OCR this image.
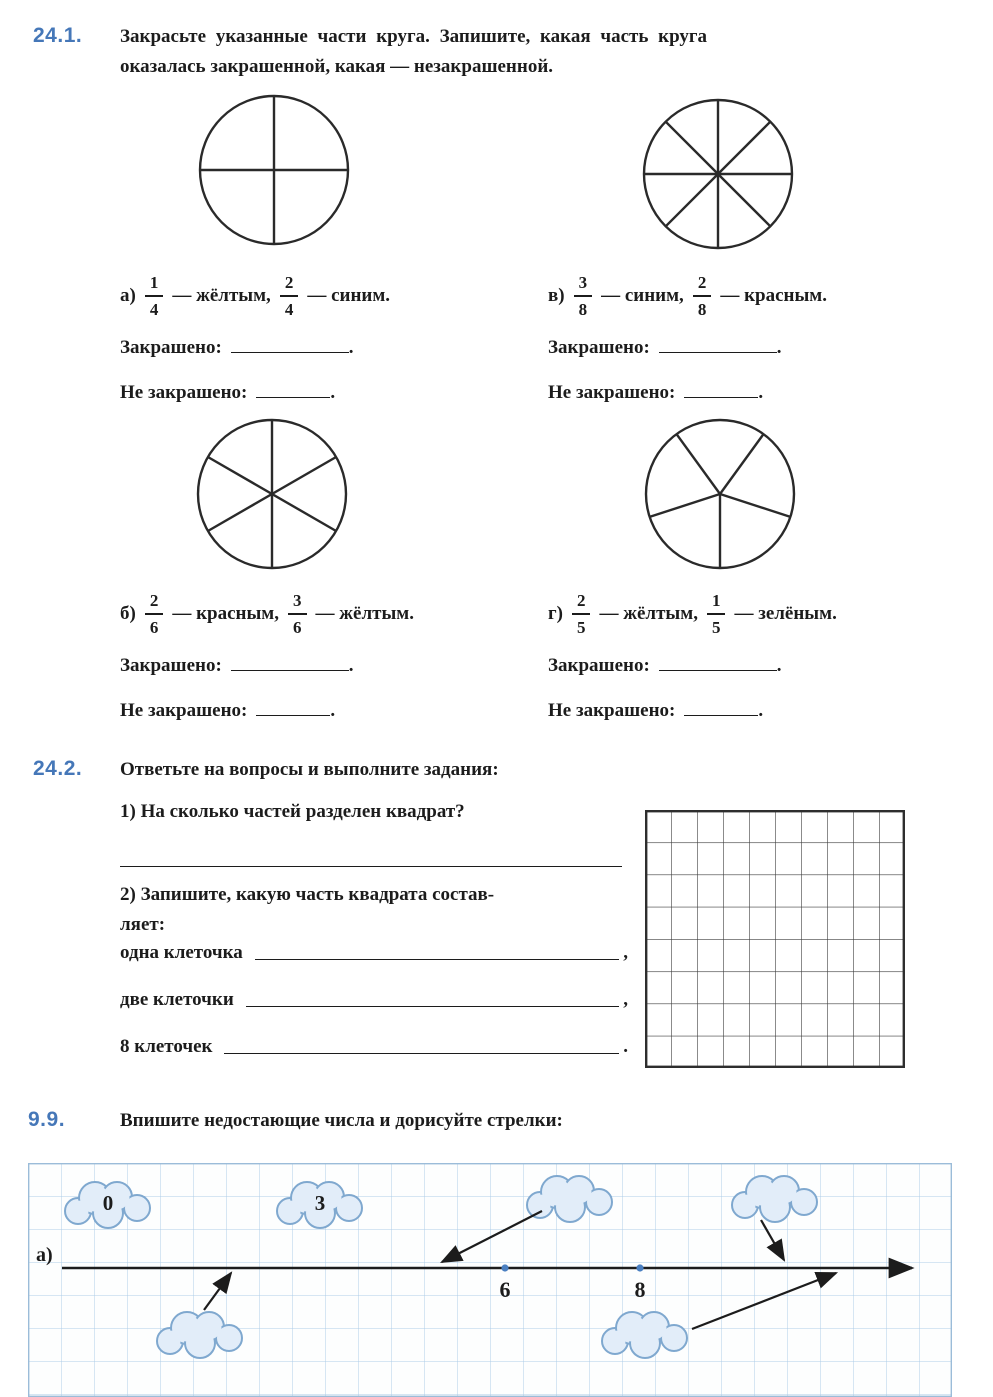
24.1. Закрасьте указанные части круга. Запишите, какая часть круга
оказалась закрашенной, какая — незакрашенной.
$а) \frac{1}{4}$ — жёлтым, $\frac{2}{4}$ — синим.
Закрашено:	.
Не закрашено:	.
$в) \frac{3}{8}$ — синим, $\frac{2}{8}$ — красным.
Закрашено:	.
Не закрашено:	.
$б) \frac{2}{6}$ — красным, $\frac{3}{6}$ — жёлтым.
Закрашено:	.
Не закрашено:	.
$г) \frac{2}{5}$ — жёлтым, $\frac{1}{5}$ — зелёным.
Закрашено:	.
Не закрашено:	.
24.2. Ответьте на вопросы и выполните задания:
1) На сколько частей разделен квадрат?
2) Запишите, какую часть квадрата состав-
ляет:
одна клеточка	,
две клеточки	,
8 клеточек	.
9.9.	Впишите недостающие числа и дорисуйте стрелки:
а)
0	3
6	8
